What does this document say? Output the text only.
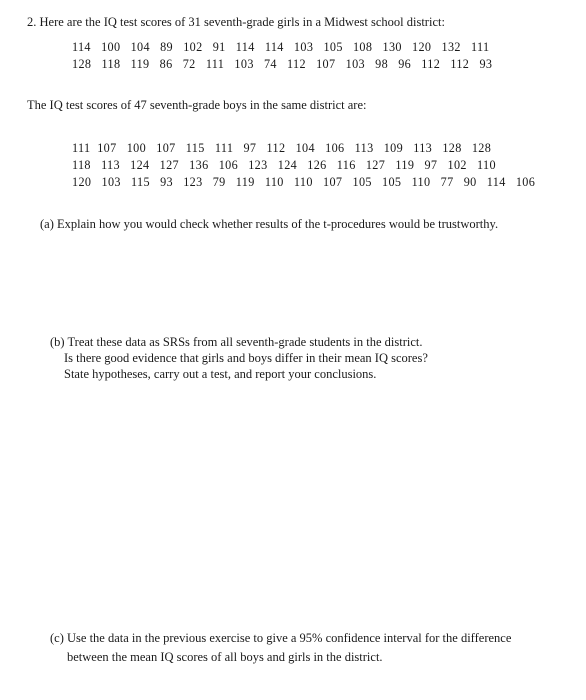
2. Here are the IQ test scores of 31 seventh-grade girls in a Midwest school district:
114   100   104   89   102   91   114   114   103   105   108   130   120   132   111
128   118   119   86   72   111   103   74   112   107   103   98   96   112   112   93
The IQ test scores of 47 seventh-grade boys in the same district are:
111  107   100   107   115   111   97   112   104   106   113   109   113   128   128
118   113   124   127   136   106   123   124   126   116   127   119   97   102   110
120   103   115   93   123   79   119   110   110   107   105   105   110   77   90   114   106
(a) Explain how you would check whether results of the t-procedures would be trustworthy.
(b) Treat these data as SRSs from all seventh-grade students in the district.
Is there good evidence that girls and boys differ in their mean IQ scores?
State hypotheses, carry out a test, and report your conclusions.
(c) Use the data in the previous exercise to give a 95% confidence interval for the difference
between the mean IQ scores of all boys and girls in the district.
